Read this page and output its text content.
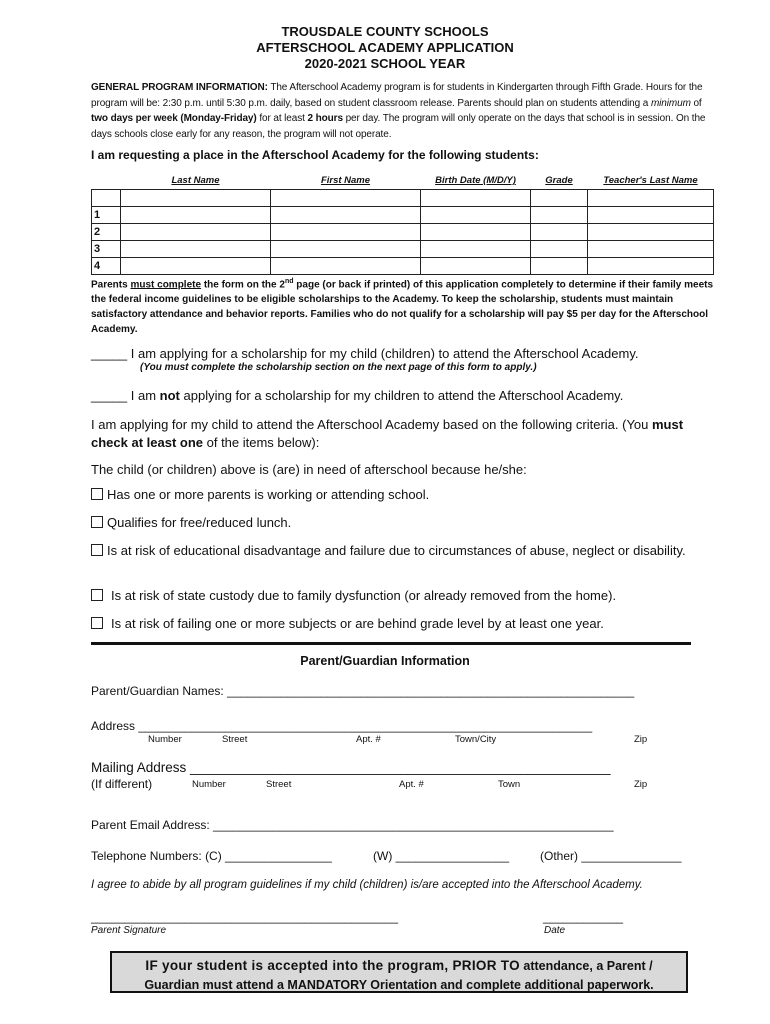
TROUSDALE COUNTY SCHOOLS
AFTERSCHOOL ACADEMY APPLICATION
2020-2021 SCHOOL YEAR
GENERAL PROGRAM INFORMATION: The Afterschool Academy program is for students in Kindergarten through Fifth Grade. Hours for the program will be: 2:30 p.m. until 5:30 p.m. daily, based on student classroom release. Parents should plan on students attending a minimum of two days per week (Monday-Friday) for at least 2 hours per day. The program will only operate on the days that school is in session. On the days schools close early for any reason, the program will not operate.
I am requesting a place in the Afterschool Academy for the following students:
	Last Name	First Name	Birth Date (M/D/Y)	Grade	Teacher's Last Name

1					
2					
3					
4					
Parents must complete the form on the 2nd page (or back if printed) of this application completely to determine if their family meets the federal income guidelines to be eligible scholarships to the Academy. To keep the scholarship, students must maintain satisfactory attendance and behavior reports. Families who do not qualify for a scholarship will pay $5 per day for the Afterschool Academy.
_____ I am applying for a scholarship for my child (children) to attend the Afterschool Academy.
(You must complete the scholarship section on the next page of this form to apply.)
_____ I am not applying for a scholarship for my children to attend the Afterschool Academy.
I am applying for my child to attend the Afterschool Academy based on the following criteria. (You must check at least one of the items below):
The child (or children) above is (are) in need of afterschool because he/she:
Has one or more parents is working or attending school.
Qualifies for free/reduced lunch.
Is at risk of educational disadvantage and failure due to circumstances of abuse, neglect or disability.
Is at risk of state custody due to family dysfunction (or already removed from the home).
Is at risk of failing one or more subjects or are behind grade level by at least one year.
Parent/Guardian Information
Parent/Guardian Names: _____________________________________________________________
Address ____________________________________________________________________
Number	Street	Apt. #	Town/City	Zip
Mailing Address ________________________________________________________
(If different)	Number	Street	Apt. #	Town	Zip
Parent Email Address: ____________________________________________________________
Telephone Numbers: (C) ________________	(W) _________________	(Other) _______________
I agree to abide by all program guidelines if my child (children) is/are accepted into the Afterschool Academy.
______________________________________________
Parent Signature
____________
Date
IF your student is accepted into the program, PRIOR TO attendance, a Parent /
Guardian must attend a MANDATORY Orientation and complete additional paperwork.
